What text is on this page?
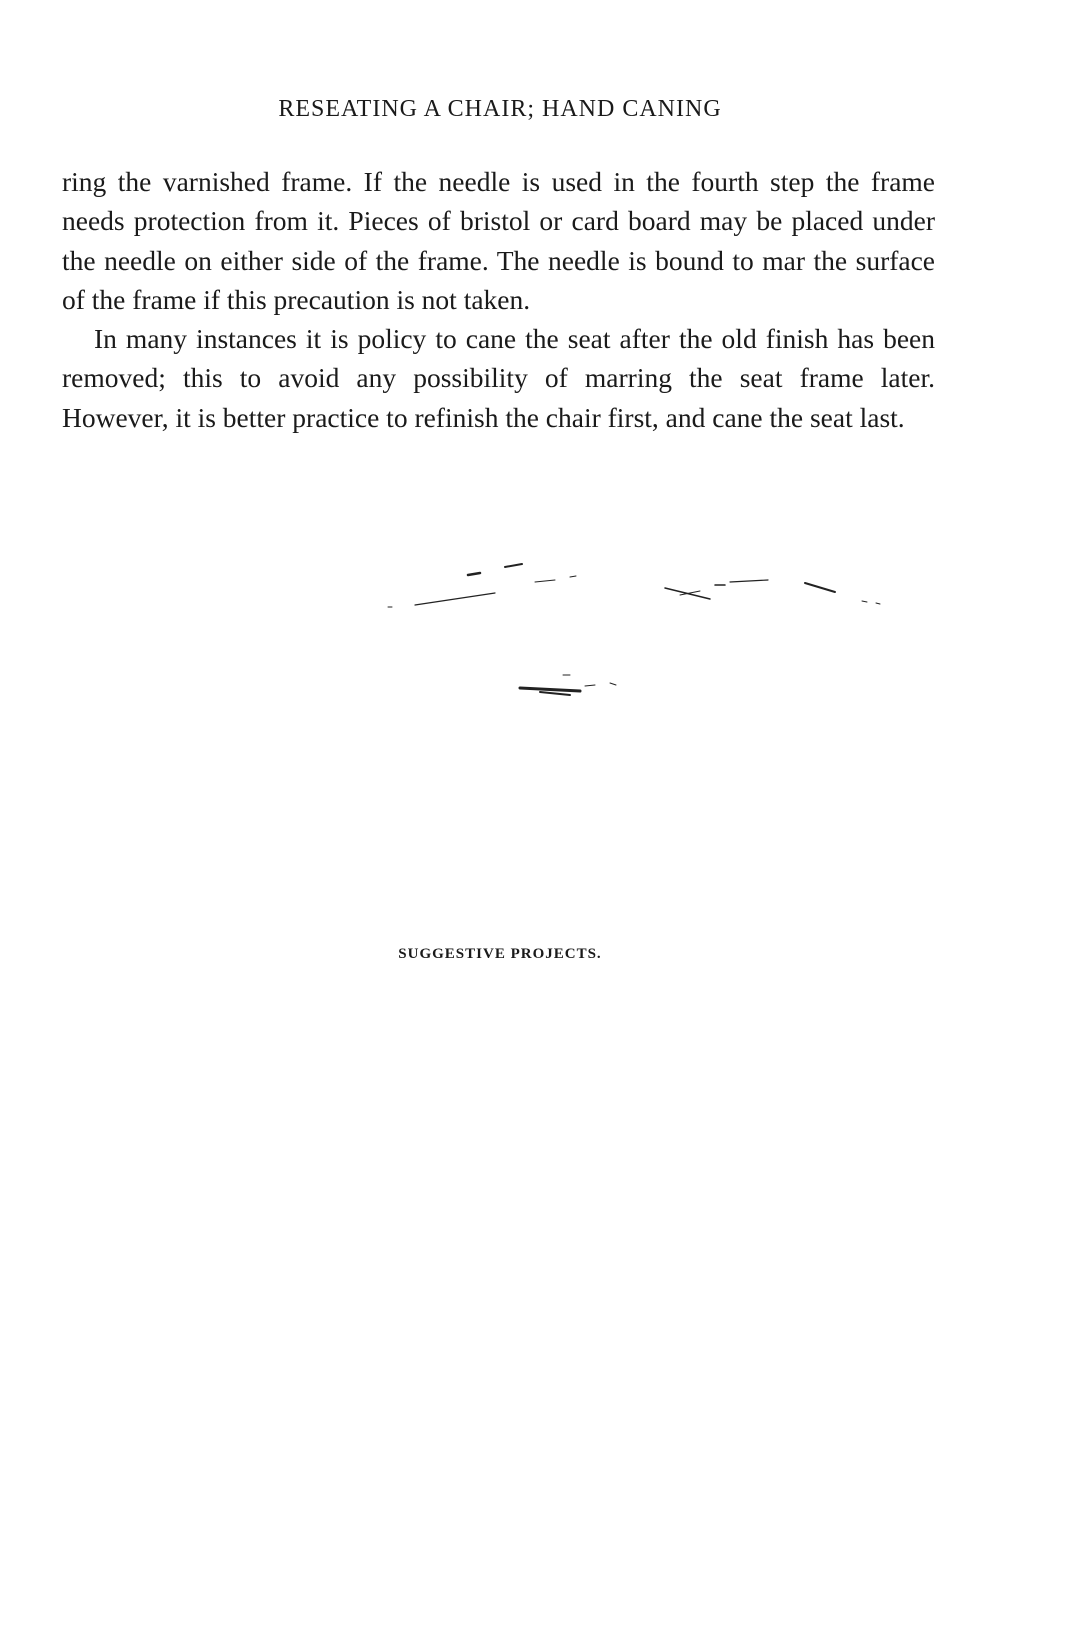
RESEATING A CHAIR; HAND CANING

ring the varnished frame. If the needle is used in the fourth step the frame needs protection from it. Pieces of bristol or card board may be placed under the needle on either side of the frame. The needle is bound to mar the surface of the frame if this precaution is not taken.

In many instances it is policy to cane the seat after the old finish has been removed; this to avoid any possibility of marring the seat frame later. However, it is better practice to refinish the chair first, and cane the seat last.

SUGGESTIVE PROJECTS.
